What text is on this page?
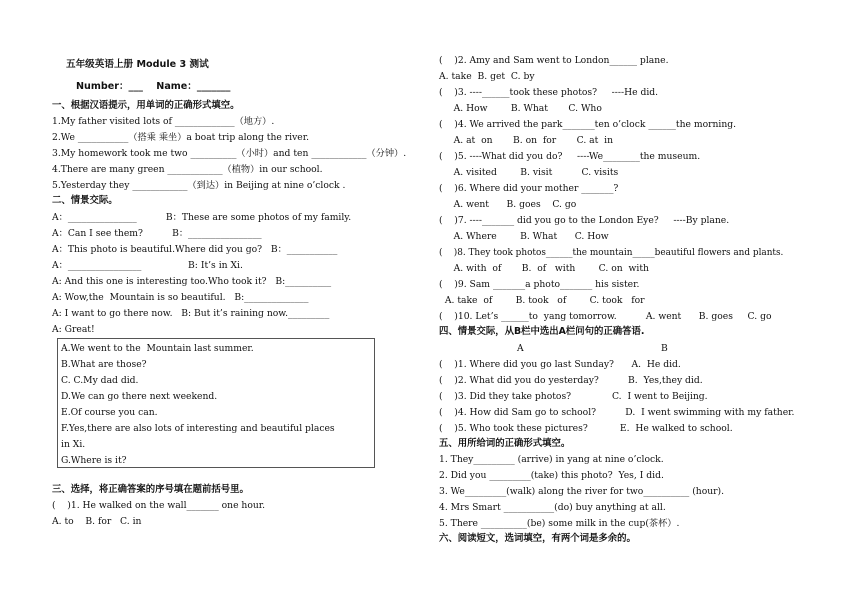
五年级英语上册 Module 3 测试
Number：___    Name：_______
一、根据汉语提示，用单词的正确形式填空。
1.My father visited lots of _____________（地方）.
2.We ___________（搭乘 乘坐）a boat trip along the river.
3.My homework took me two __________（小时）and ten ____________（分钟）.
4.There are many green ____________（植物）in our school.
5.Yesterday they ____________（到达）in Beijing at nine o’clock .
二、情景交际。
A：_______________          B：These are some photos of my family.
A：Can I see them?          B：________________
A：This photo is beautiful.Where did you go?   B：___________
A：________________                B: It’s in Xi.
A: And this one is interesting too.Who took it?   B:__________
A: Wow,the  Mountain is so beautiful.   B:______________
A: I want to go there now.   B: But it’s raining now._________
A: Great!
A.We went to the  Mountain last summer.
B.What are those?
C. C.My dad did.
D.We can go there next weekend.
E.Of course you can.
F.Yes,there are also lots of interesting and beautiful places
in Xi.
G.Where is it?
三、选择，将正确答案的序号填在题前括号里。
(    )1. He walked on the wall_______ one hour.
A. to    B. for   C. in
(    )2. Amy and Sam went to London______ plane.
A. take  B. get  C. by
(    )3. ----______took these photos?     ----He did.
A. How        B. What       C. Who
(    )4. We arrived the park_______ten o’clock ______the morning.
A. at  on       B. on  for       C. at  in
(    )5. ----What did you do?     ----We________the museum.
A. visited        B. visit          C. visits
(    )6. Where did your mother _______?
A. went      B. goes    C. go
(    )7. ----_______ did you go to the London Eye?     ----By plane.
A. Where        B. What      C. How
(    )8. They took photos______the mountain_____beautiful flowers and plants.
A. with  of       B.  of   with        C. on  with
(    )9. Sam _______a photo_______ his sister.
A. take  of        B. took   of        C. took   for
(    )10. Let’s ______to  yang tomorrow.          A. went      B. goes     C. go
四、情景交际，从B栏中选出A栏问句的正确答语.
A	B
(    )1. Where did you go last Sunday?      A.  He did.
(    )2. What did you do yesterday?          B.  Yes,they did.
(    )3. Did they take photos?              C.  I went to Beijing.
(    )4. How did Sam go to school?          D.  I went swimming with my father.
(    )5. Who took these pictures?           E.  He walked to school.
五、用所给词的正确形式填空。
1. They_________ (arrive) in yang at nine o’clock.
2. Did you _________(take) this photo?  Yes, I did.
3. We_________(walk) along the river for two__________ (hour).
4. Mrs Smart ___________(do) buy anything at all.
5. There __________(be) some milk in the cup(茶杯）.
六、阅读短文，选词填空，有两个词是多余的。
